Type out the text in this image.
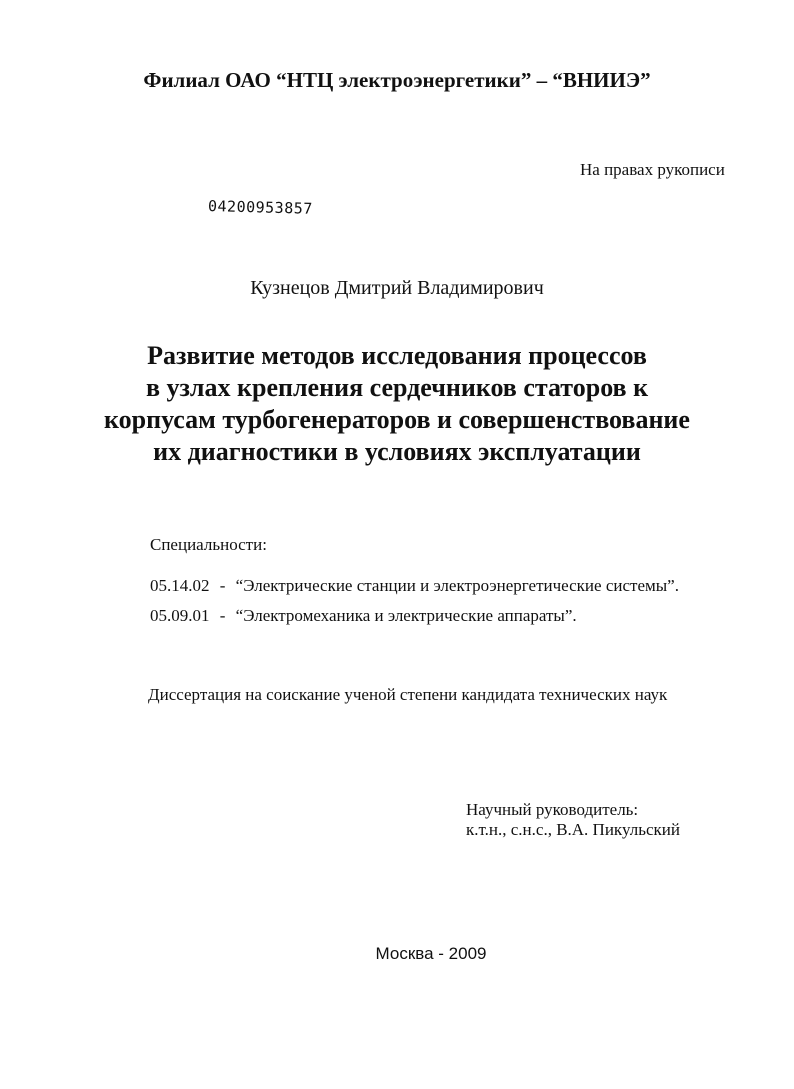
Филиал ОАО “НТЦ электроэнергетики” – “ВНИИЭ”
На правах рукописи
04200953857
Кузнецов Дмитрий Владимирович
Развитие методов исследования процессов
в узлах крепления сердечников статоров к
корпусам турбогенераторов и совершенствование
их диагностики в условиях эксплуатации
Специальности:
05.14.02 - “Электрические станции и электроэнергетические системы”.
05.09.01 - “Электромеханика и электрические аппараты”.
Диссертация на соискание ученой степени кандидата технических наук
Научный руководитель:
к.т.н., с.н.с., В.А. Пикульский
Москва - 2009
